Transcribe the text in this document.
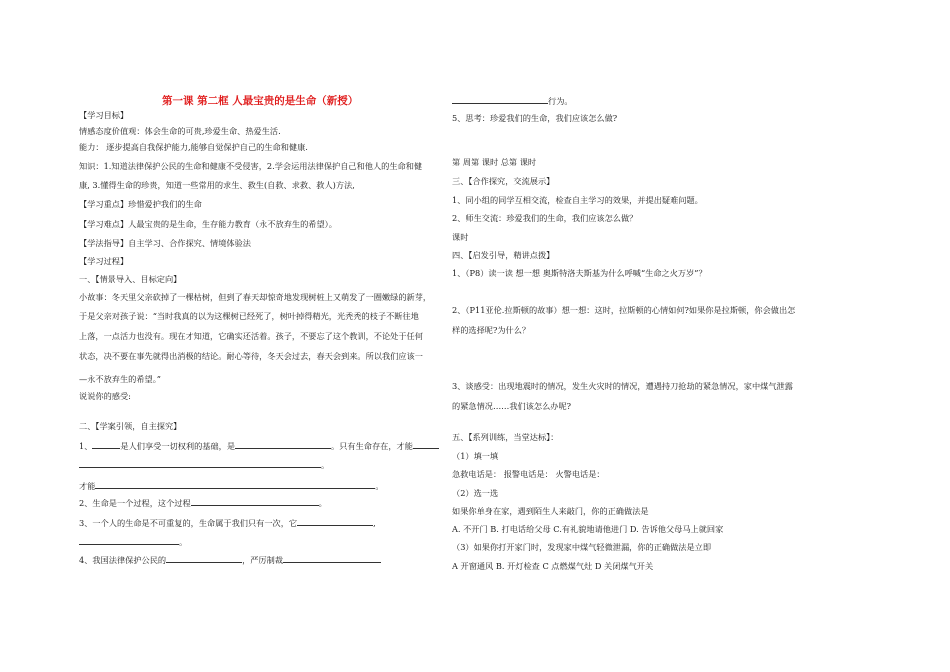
第一课 第二框 人最宝贵的是生命（新授）
【学习目标】
情感态度价值观：体会生命的可贵,珍爱生命、热爱生活.
能力： 逐步提高自我保护能力,能够自觉保护自己的生命和健康.
知识：1.知道法律保护公民的生命和健康不受侵害，2.学会运用法律保护自己和他人的生命和健
康, 3.懂得生命的珍贵，知道一些常用的求生、救生(自救、求救、救人)方法,
【学习重点】珍惜爱护我们的生命
【学习难点】人最宝贵的是生命，生存能力教育（永不放弃生的希望）。
【学法指导】自主学习、合作探究、情境体验法
【学习过程】
一、【情景导入、目标定向】
小故事：冬天里父亲砍掉了一棵枯树，但到了春天却惊奇地发现树桩上又萌发了一圈嫩绿的新芽，
于是父亲对孩子说：“当时我真的以为这棵树已经死了，树叶掉得精光，光秃秃的枝子不断往地
上落，一点活力也没有。现在才知道，它确实还活着。孩子，不要忘了这个教训，不论处于任何
状态，决不要在事先就得出消极的结论。耐心等待，冬天会过去，春天会到来。所以我们应该一
—永不放弃生的希望。”
说说你的感受:
二、【学案引领，自主探究】
1、	是人们享受一切权利的基础，是	。只有生命存在，才能
。
才能	。
2、生命是一个过程，这个过程	。
3、一个人的生命是不可重复的，生命属于我们只有一次，它	,
。
4、我国法律保护公民的	，严厉制裁
行为。
5、思考：珍爱我们的生命，我们应该怎么做?
第 周第 课时 总第 课时
三、【合作探究，交流展示】
1、同小组的同学互相交流，检查自主学习的效果，并提出疑难问题。
2、师生交流：珍爱我们的生命，我们应该怎么做？
课时
四、【启发引导，精讲点拨】
1、（P8）读一读 想一想 奥斯特洛夫斯基为什么呼喊“生命之火万岁”？
2、（P11亚伦.拉斯顿的故事）想一想：这时，拉斯顿的心情如何?如果你是拉斯顿，你会做出怎
样的选择呢?为什么？
3、谈感受：出现地震时的情况，发生火灾时的情况，遭遇持刀抢劫的紧急情况，家中煤气泄露
的紧急情况……我们该怎么办呢?
五、【系列训练，当堂达标】：
（1）填一填
急救电话是： 报警电话是： 火警电话是：
（2）选一选
如果你单身在家，遇到陌生人来敲门，你的正确做法是
A. 不开门 B. 打电话给父母 C.有礼貌地请他进门 D. 告诉他父母马上就回家
（3）如果你打开家门时，发现家中煤气轻微泄漏，你的正确做法是立即
A 开窗通风 B. 开灯检查 C 点燃煤气灶 D 关闭煤气开关
